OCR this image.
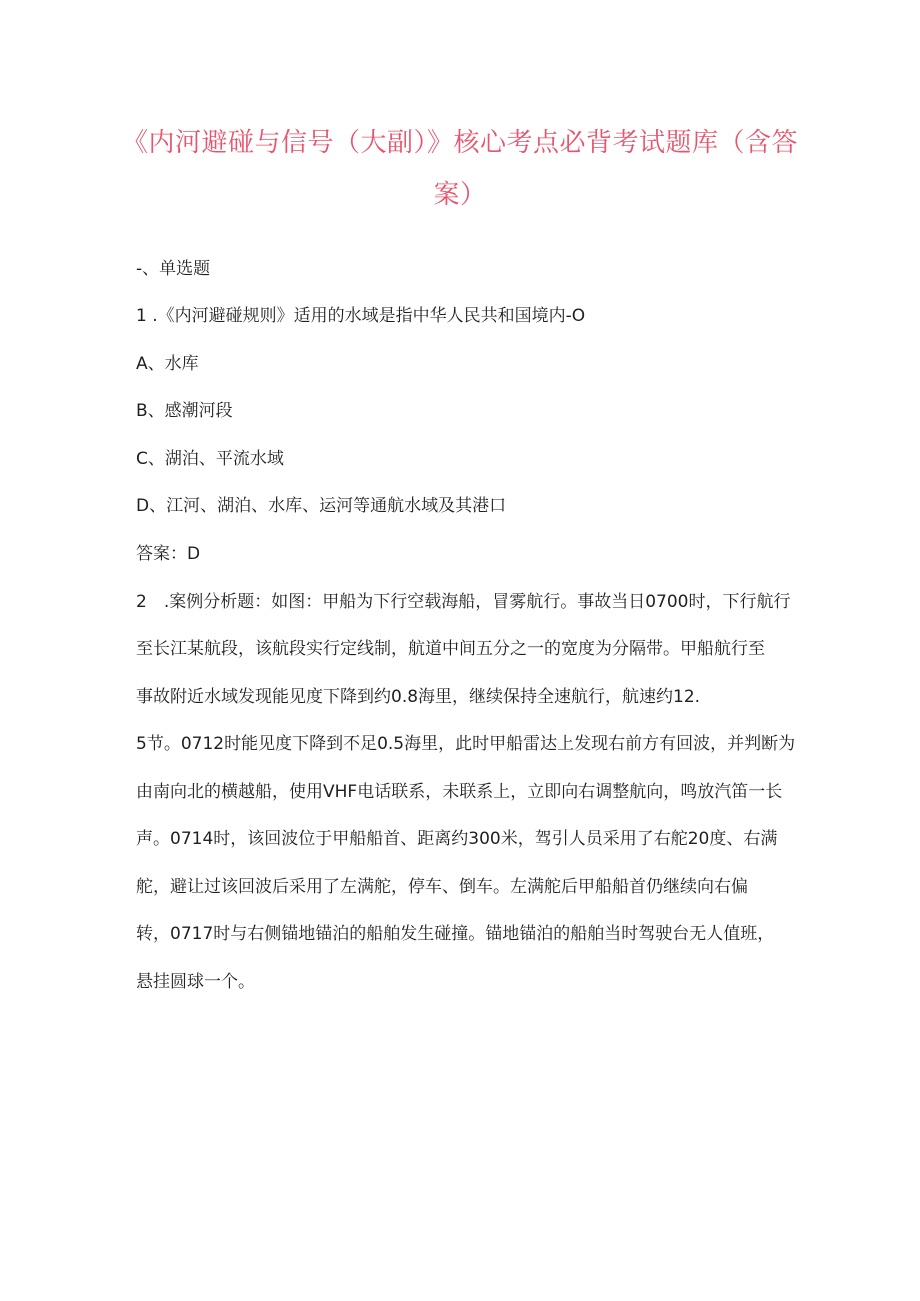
《内河避碰与信号（大副）》核心考点必背考试题库（含答
案）
-、单选题
1 .《内河避碰规则》适用的水域是指中华人民共和国境内-O
A、水库
B、感潮河段
C、湖泊、平流水域
D、江河、湖泊、水库、运河等通航水域及其港口
答案：D
2　.案例分析题：如图：甲船为下行空载海船，冒雾航行。事故当日0700时，下行航行
至长江某航段，该航段实行定线制，航道中间五分之一的宽度为分隔带。甲船航行至
事故附近水域发现能见度下降到约0.8海里，继续保持全速航行，航速约12.
5节。0712时能见度下降到不足0.5海里，此时甲船雷达上发现右前方有回波，并判断为
由南向北的横越船，使用VHF电话联系，未联系上，立即向右调整航向，鸣放汽笛一长
声。0714时，该回波位于甲船船首、距离约300米，驾引人员采用了右舵20度、右满
舵，避让过该回波后采用了左满舵，停车、倒车。左满舵后甲船船首仍继续向右偏
转，0717时与右侧锚地锚泊的船舶发生碰撞。锚地锚泊的船舶当时驾驶台无人值班，
悬挂圆球一个。
